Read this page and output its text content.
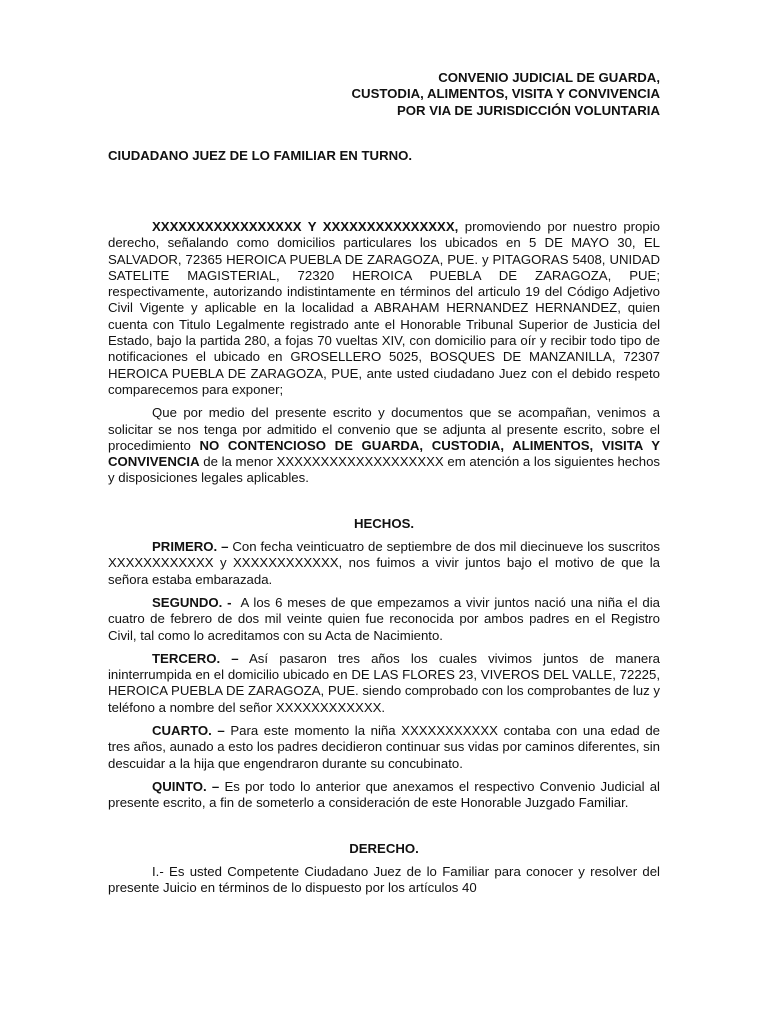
CONVENIO JUDICIAL DE GUARDA,
CUSTODIA, ALIMENTOS, VISITA Y CONVIVENCIA
POR VIA DE JURISDICCIÓN VOLUNTARIA
CIUDADANO JUEZ DE LO FAMILIAR EN TURNO.

XXXXXXXXXXXXXXXXX Y XXXXXXXXXXXXXXX, promoviendo por nuestro propio derecho, señalando como domicilios particulares los ubicados en 5 DE MAYO 30, EL SALVADOR, 72365 HEROICA PUEBLA DE ZARAGOZA, PUE. y PITAGORAS 5408, UNIDAD SATELITE MAGISTERIAL, 72320 HEROICA PUEBLA DE ZARAGOZA, PUE; respectivamente, autorizando indistintamente en términos del articulo 19 del Código Adjetivo Civil Vigente y aplicable en la localidad a ABRAHAM HERNANDEZ HERNANDEZ, quien cuenta con Titulo Legalmente registrado ante el Honorable Tribunal Superior de Justicia del Estado, bajo la partida 280, a fojas 70 vueltas XIV, con domicilio para oír y recibir todo tipo de notificaciones el ubicado en GROSELLERO 5025, BOSQUES DE MANZANILLA, 72307 HEROICA PUEBLA DE ZARAGOZA, PUE, ante usted ciudadano Juez con el debido respeto comparecemos para exponer;

Que por medio del presente escrito y documentos que se acompañan, venimos a solicitar se nos tenga por admitido el convenio que se adjunta al presente escrito, sobre el procedimiento NO CONTENCIOSO DE GUARDA, CUSTODIA, ALIMENTOS, VISITA Y CONVIVENCIA de la menor XXXXXXXXXXXXXXXXXXX em atención a los siguientes hechos y disposiciones legales aplicables.

HECHOS.

PRIMERO. – Con fecha veinticuatro de septiembre de dos mil diecinueve los suscritos XXXXXXXXXXXX y XXXXXXXXXXXX, nos fuimos a vivir juntos bajo el motivo de que la señora estaba embarazada.

SEGUNDO. -  A los 6 meses de que empezamos a vivir juntos nació una niña el dia cuatro de febrero de dos mil veinte quien fue reconocida por ambos padres en el Registro Civil, tal como lo acreditamos con su Acta de Nacimiento.

TERCERO. – Así pasaron tres años los cuales vivimos juntos de manera ininterrumpida en el domicilio ubicado en DE LAS FLORES 23, VIVEROS DEL VALLE, 72225, HEROICA PUEBLA DE ZARAGOZA, PUE. siendo comprobado con los comprobantes de luz y teléfono a nombre del señor XXXXXXXXXXXX.

CUARTO. – Para este momento la niña XXXXXXXXXXX contaba con una edad de tres años, aunado a esto los padres decidieron continuar sus vidas por caminos diferentes, sin descuidar a la hija que engendraron durante su concubinato.

QUINTO. – Es por todo lo anterior que anexamos el respectivo Convenio Judicial al presente escrito, a fin de someterlo a consideración de este Honorable Juzgado Familiar.

DERECHO.

I.- Es usted Competente Ciudadano Juez de lo Familiar para conocer y resolver del presente Juicio en términos de lo dispuesto por los artículos 40
